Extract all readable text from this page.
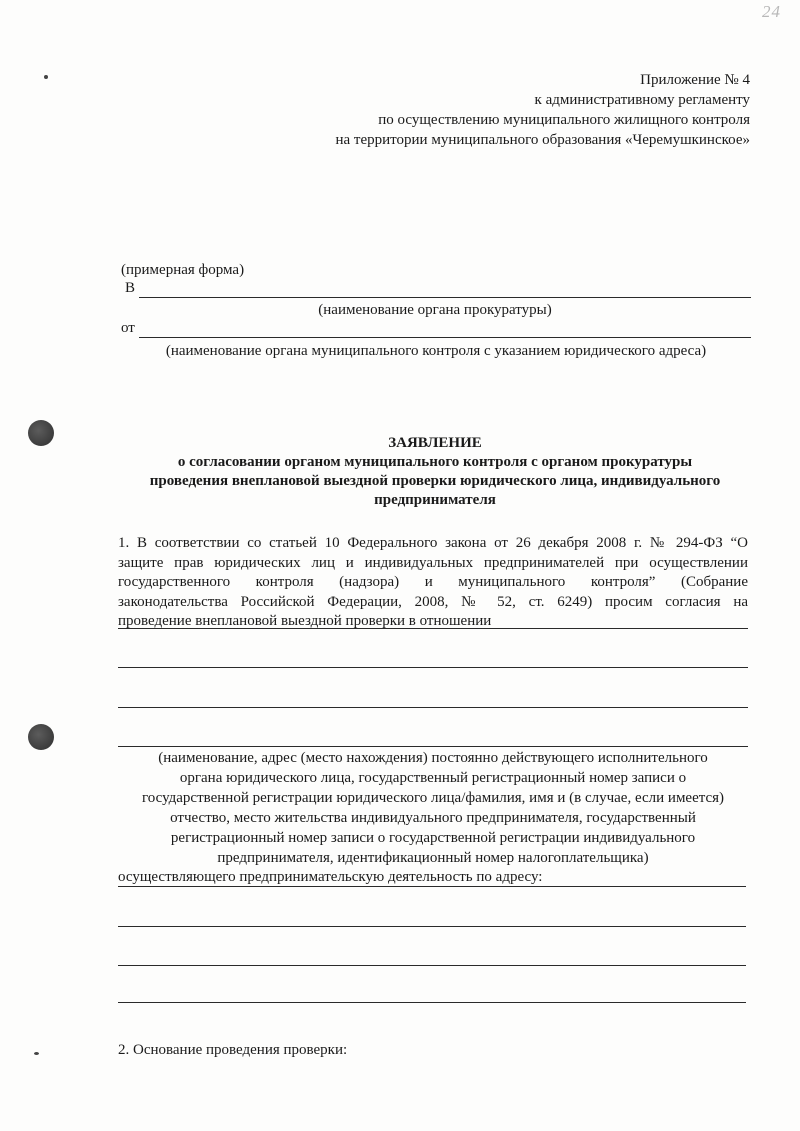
24
Приложение № 4
к административному регламенту
по осуществлению муниципального жилищного контроля
на территории муниципального образования «Черемушкинское»
(примерная форма)
В
(наименование органа прокуратуры)
от
(наименование органа муниципального контроля с указанием юридического адреса)
ЗАЯВЛЕНИЕ
о согласовании органом муниципального контроля с органом прокуратуры
проведения внеплановой выездной проверки юридического лица, индивидуального
предпринимателя
1. В соответствии со статьей 10 Федерального закона от 26 декабря 2008 г. № 294-ФЗ “О
защите прав юридических лиц и индивидуальных предпринимателей при осуществлении
государственного контроля (надзора) и муниципального контроля” (Собрание
законодательства Российской Федерации, 2008, № 52, ст. 6249) просим согласия на
проведение внеплановой выездной проверки в отношении
(наименование, адрес (место нахождения) постоянно действующего исполнительного
органа юридического лица, государственный регистрационный номер записи о
государственной регистрации юридического лица/фамилия, имя и (в случае, если имеется)
отчество, место жительства индивидуального предпринимателя, государственный
регистрационный номер записи о государственной регистрации индивидуального
предпринимателя, идентификационный номер налогоплательщика)
осуществляющего предпринимательскую деятельность по адресу:
2. Основание проведения проверки:
